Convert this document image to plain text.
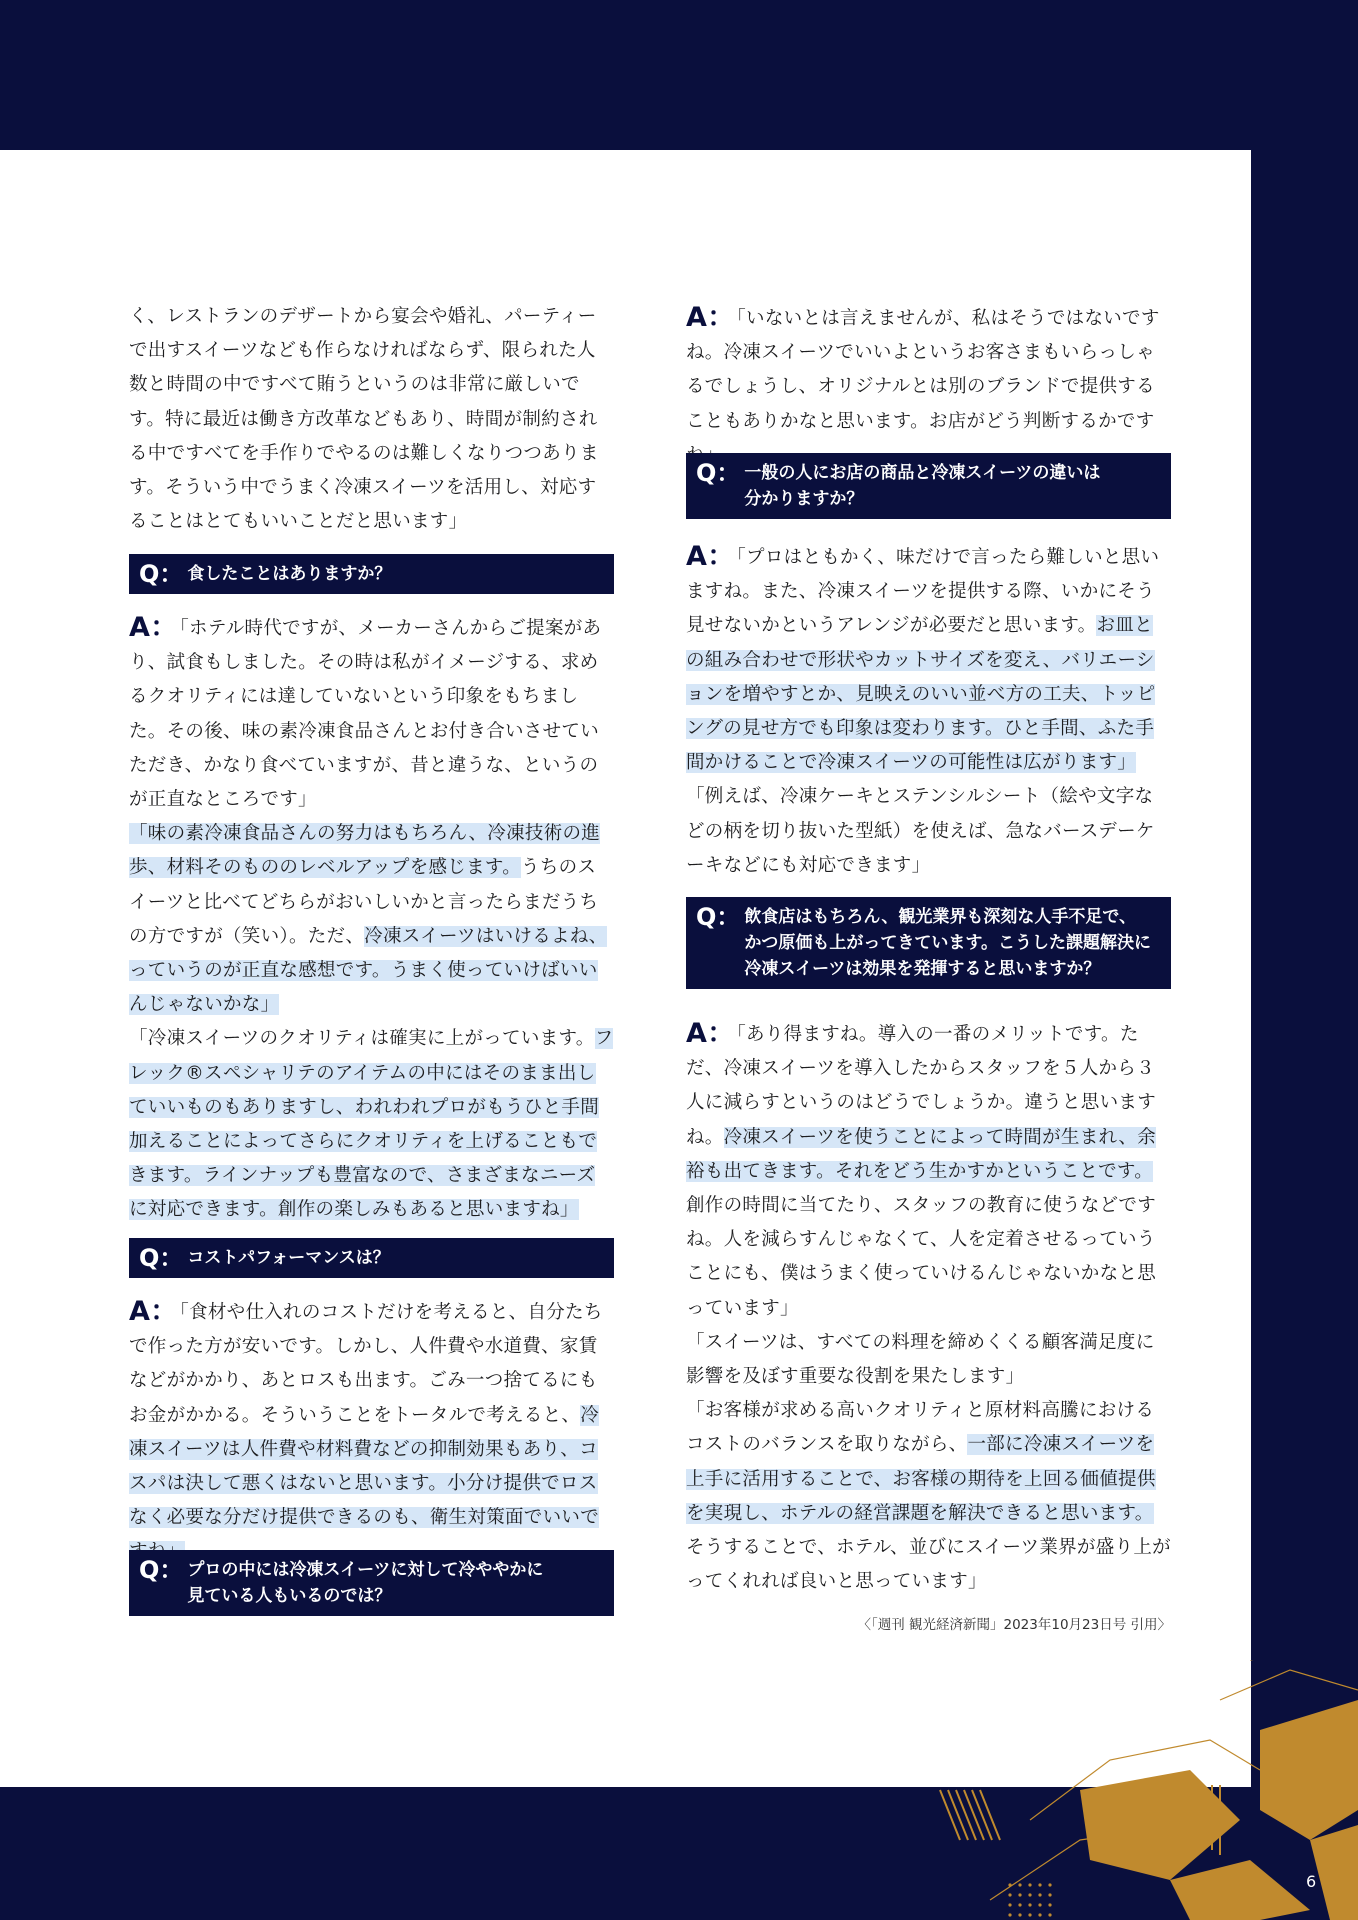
く、レストランのデザートから宴会や婚礼、パーティーで出すスイーツなども作らなければならず、限られた人数と時間の中ですべて賄うというのは非常に厳しいです。特に最近は働き方改革などもあり、時間が制約される中ですべてを手作りでやるのは難しくなりつつあります。そういう中でうまく冷凍スイーツを活用し、対応することはとてもいいことだと思います」

Q： 食したことはありますか？

A： 「ホテル時代ですが、メーカーさんからご提案があり、試食もしました。その時は私がイメージする、求めるクオリティには達していないという印象をもちました。その後、味の素冷凍食品さんとお付き合いさせていただき、かなり食べていますが、昔と違うな、というのが正直なところです」
「味の素冷凍食品さんの努力はもちろん、冷凍技術の進歩、材料そのもののレベルアップを感じます。うちのスイーツと比べてどちらがおいしいかと言ったらまだうちの方ですが（笑い）。ただ、冷凍スイーツはいけるよね、っていうのが正直な感想です。うまく使っていけばいいんじゃないかな」
「冷凍スイーツのクオリティは確実に上がっています。フレック®スペシャリテのアイテムの中にはそのまま出していいものもありますし、われわれプロがもうひと手間加えることによってさらにクオリティを上げることもできます。ラインナップも豊富なので、さまざまなニーズに対応できます。創作の楽しみもあると思いますね」

Q： コストパフォーマンスは？

A： 「食材や仕入れのコストだけを考えると、自分たちで作った方が安いです。しかし、人件費や水道費、家賃などがかかり、あとロスも出ます。ごみ一つ捨てるにもお金がかかる。そういうことをトータルで考えると、冷凍スイーツは人件費や材料費などの抑制効果もあり、コスパは決して悪くはないと思います。小分け提供でロスなく必要な分だけ提供できるのも、衛生対策面でいいで

Q： プロの中には冷凍スイーツに対して冷ややかに
見ている人もいるのでは？

A： 「いないとは言えませんが、私はそうではないですね。冷凍スイーツでいいよというお客さまもいらっしゃるでしょうし、オリジナルとは別のブランドで提供することもありかなと思います。お店がどう判断するかです

Q： 一般の人にお店の商品と冷凍スイーツの違いは
分かりますか？

A： 「プロはともかく、味だけで言ったら難しいと思いますね。また、冷凍スイーツを提供する際、いかにそう見せないかというアレンジが必要だと思います。お皿との組み合わせで形状やカットサイズを変え、バリエーションを増やすとか、見映えのいい並べ方の工夫、トッピングの見せ方でも印象は変わります。ひと手間、ふた手間かけることで冷凍スイーツの可能性は広がります」
「例えば、冷凍ケーキとステンシルシート（絵や文字などの柄を切り抜いた型紙）を使えば、急なバースデーケーキなどにも対応できます」

Q： 飲食店はもちろん、観光業界も深刻な人手不足で、
かつ原価も上がってきています。こうした課題解決に
冷凍スイーツは効果を発揮すると思いますか？

A： 「あり得ますね。導入の一番のメリットです。ただ、冷凍スイーツを導入したからスタッフを５人から３人に減らすというのはどうでしょうか。違うと思いますね。冷凍スイーツを使うことによって時間が生まれ、余裕も出てきます。それをどう生かすかということです。創作の時間に当てたり、スタッフの教育に使うなどですね。人を減らすんじゃなくて、人を定着させるっていうことにも、僕はうまく使っていけるんじゃないかなと思っています」
「スイーツは、すべての料理を締めくくる顧客満足度に影響を及ぼす重要な役割を果たします」
「お客様が求める高いクオリティと原材料高騰におけるコストのバランスを取りながら、一部に冷凍スイーツを上手に活用することで、お客様の期待を上回る価値提供を実現し、ホテルの経営課題を解決できると思います。そうすることで、ホテル、並びにスイーツ業界が盛り上がってくれれば良いと思っています」

〈「週刊 観光経済新聞」2023年10月23日号 引用〉
6
